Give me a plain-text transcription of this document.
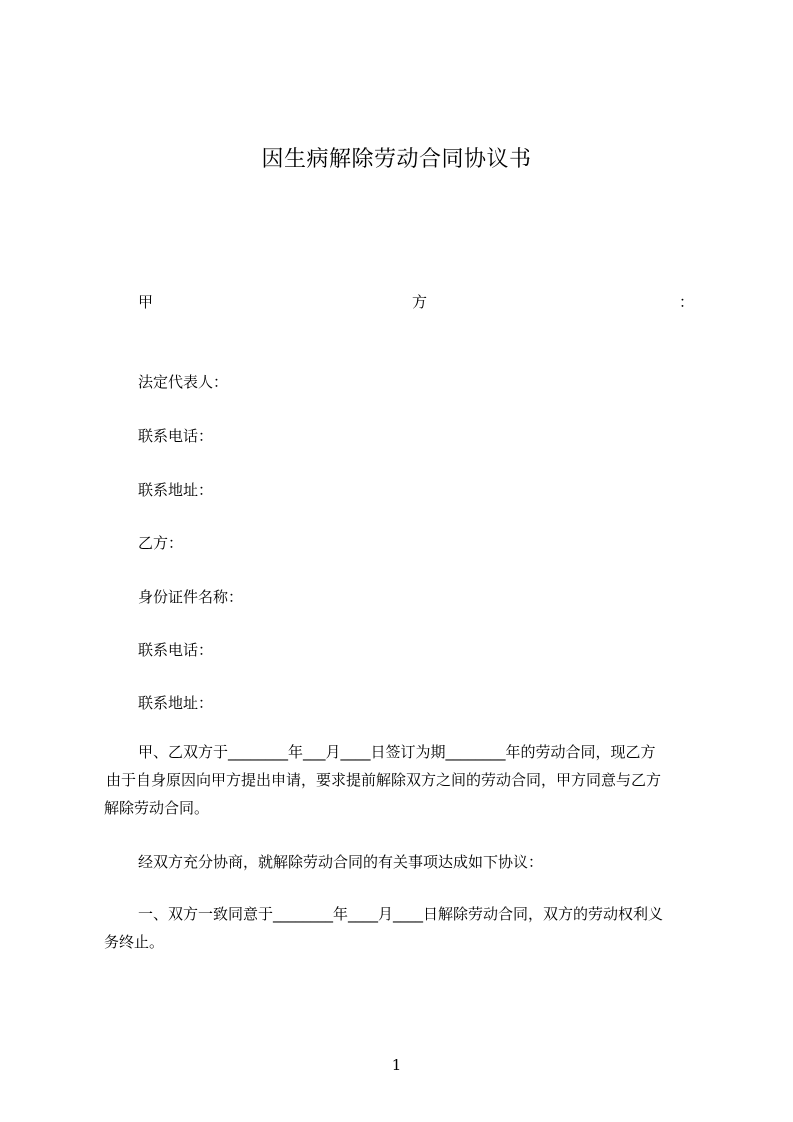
因生病解除劳动合同协议书
甲	方	：
法定代表人：
联系电话：
联系地址：
乙方：
身份证件名称：
联系电话：
联系地址：

甲、乙双方于________年___月____日签订为期________年的劳动合同，现乙方

由于自身原因向甲方提出申请，要求提前解除双方之间的劳动合同，甲方同意与乙方

解除劳动合同。

经双方充分协商，就解除劳动合同的有关事项达成如下协议：

一、双方一致同意于________年____月____日解除劳动合同，双方的劳动权利义

务终止。

1
